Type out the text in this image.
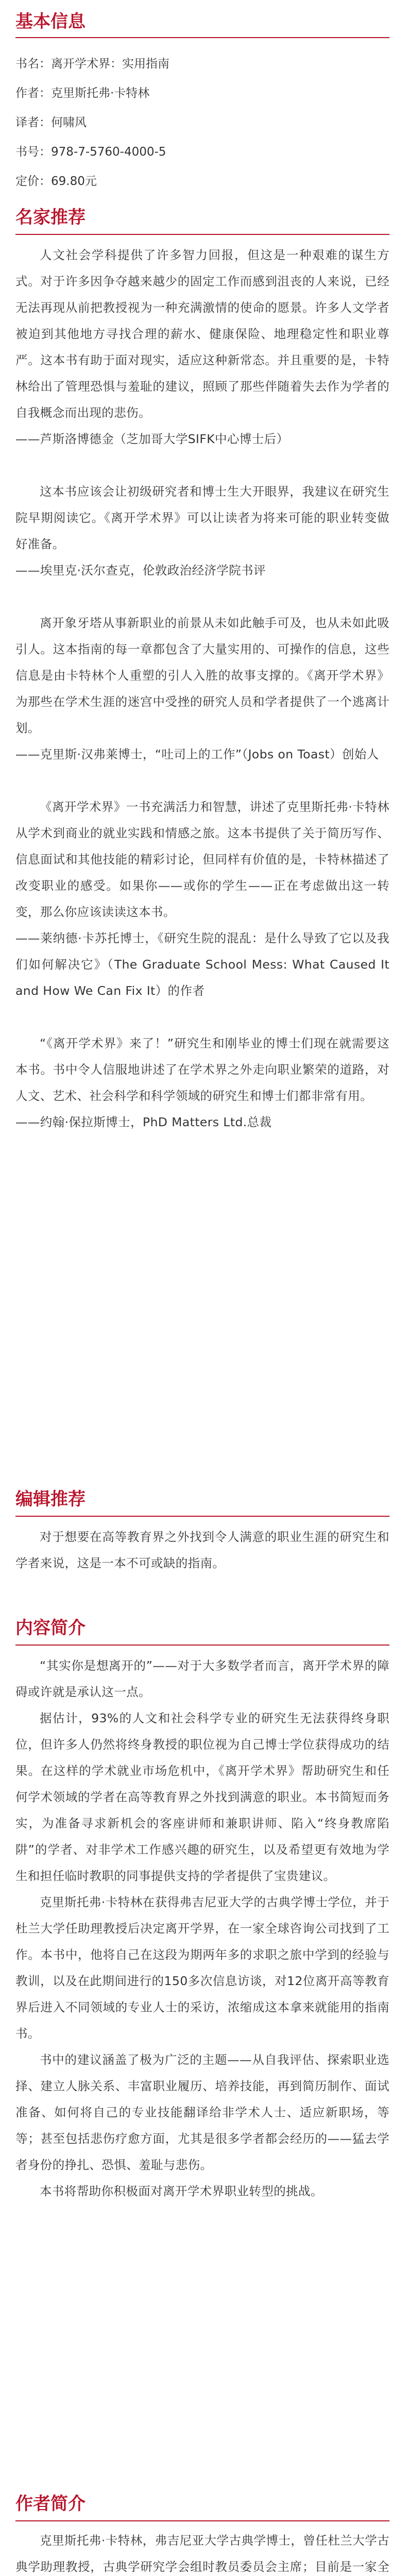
基本信息

书名：离开学术界：实用指南

作者：克里斯托弗·卡特林

译者：何啸风

书号：978-7-5760-4000-5

定价：69.80元

名家推荐

人文社会学科提供了许多智力回报，但这是一种艰难的谋生方式。对于许多因争夺越来越少的固定工作而感到沮丧的人来说，已经无法再现从前把教授视为一种充满激情的使命的愿景。许多人文学者被迫到其他地方寻找合理的薪水、健康保险、地理稳定性和职业尊严。这本书有助于面对现实，适应这种新常态。并且重要的是，卡特林给出了管理恐惧与羞耻的建议，照顾了那些伴随着失去作为学者的自我概念而出现的悲伤。

——芦斯洛博德金（芝加哥大学SIFK中心博士后）

这本书应该会让初级研究者和博士生大开眼界，我建议在研究生院早期阅读它。《离开学术界》可以让读者为将来可能的职业转变做好准备。

——埃里克·沃尔查克，伦敦政治经济学院书评

离开象牙塔从事新职业的前景从未如此触手可及，也从未如此吸引人。这本指南的每一章都包含了大量实用的、可操作的信息，这些信息是由卡特林个人重塑的引人入胜的故事支撑的。《离开学术界》为那些在学术生涯的迷宫中受挫的研究人员和学者提供了一个逃离计划。

——克里斯·汉弗莱博士，“吐司上的工作”（Jobs on Toast）创始人

《离开学术界》一书充满活力和智慧，讲述了克里斯托弗·卡特林从学术到商业的就业实践和情感之旅。这本书提供了关于简历写作、信息面试和其他技能的精彩讨论，但同样有价值的是，卡特林描述了改变职业的感受。如果你——或你的学生——正在考虑做出这一转变，那么你应该读读这本书。

——莱纳德·卡苏托博士，《研究生院的混乱：是什么导致了它以及我们如何解决它》（The Graduate School Mess: What Caused It and How We Can Fix It）的作者

“《离开学术界》来了！”研究生和刚毕业的博士们现在就需要这本书。书中令人信服地讲述了在学术界之外走向职业繁荣的道路，对人文、艺术、社会科学和科学领域的研究生和博士们都非常有用。

——约翰·保拉斯博士，PhD Matters Ltd.总裁

编辑推荐

对于想要在高等教育界之外找到令人满意的职业生涯的研究生和学者来说，这是一本不可或缺的指南。

内容简介

“其实你是想离开的”——对于大多数学者而言，离开学术界的障碍或许就是承认这一点。

据估计，93%的人文和社会科学专业的研究生无法获得终身职位，但许多人仍然将终身教授的职位视为自己博士学位获得成功的结果。在这样的学术就业市场危机中，《离开学术界》帮助研究生和任何学术领域的学者在高等教育界之外找到满意的职业。本书简短而务实，为准备寻求新机会的客座讲师和兼职讲师、陷入“终身教席陷阱”的学者、对非学术工作感兴趣的研究生，以及希望更有效地为学生和担任临时教职的同事提供支持的学者提供了宝贵建议。

克里斯托弗·卡特林在获得弗吉尼亚大学的古典学博士学位，并于杜兰大学任助理教授后决定离开学界，在一家全球咨询公司找到了工作。本书中，他将自己在这段为期两年多的求职之旅中学到的经验与教训，以及在此期间进行的150多次信息访谈，对12位离开高等教育界后进入不同领域的专业人士的采访，浓缩成这本拿来就能用的指南书。

书中的建议涵盖了极为广泛的主题——从自我评估、探索职业选择、建立人脉关系、丰富职业履历、培养技能，再到简历制作、面试准备、如何将自己的专业技能翻译给非学术人士、适应新职场，等等；甚至包括悲伤疗愈方面，尤其是很多学者都会经历的——猛去学者身份的挣扎、恐惧、羞耻与悲伤。

本书将帮助你积极面对离开学术界职业转型的挑战。

作者简介

克里斯托弗·卡特林，弗吉尼亚大学古典学博士，曾任杜兰大学古典学助理教授，古典学研究学会组时教员委员会主席；目前是一家全
